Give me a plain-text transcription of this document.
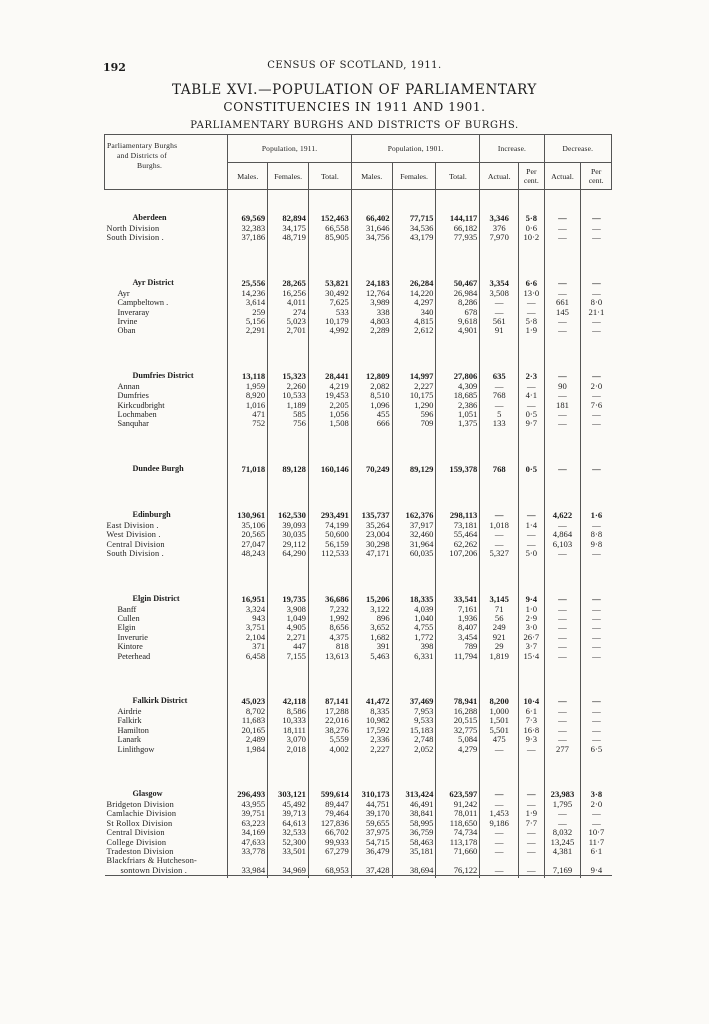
192	CENSUS OF SCOTLAND, 1911.
TABLE XVI.—POPULATION OF PARLIAMENTARY
CONSTITUENCIES IN 1911 AND 1901.
PARLIAMENTARY BURGHS AND DISTRICTS OF BURGHS.
Parliamentary Burghs
and Districts of
Burghs.	Population, 1911.			Population, 1901.			Increase.		Decrease.	
	Males.	Females.	Total.	Males.	Females.	Total.	Actual.	Per cent.	Actual.	Per cent.

Aberdeen	69,569	82,894	152,463	66,402	77,715	144,117	3,346	5·8	—	—
North Division	32,383	34,175	66,558	31,646	34,536	66,182	376	0·6	—	—
South Division .	37,186	48,719	85,905	34,756	43,179	77,935	7,970	10·2	—	—

Ayr District	25,556	28,265	53,821	24,183	26,284	50,467	3,354	6·6	—	—
Ayr	14,236	16,256	30,492	12,764	14,220	26,984	3,508	13·0	—	—
Campbeltown .	3,614	4,011	7,625	3,989	4,297	8,286	—	—	661	8·0
Inveraray	259	274	533	338	340	678	—	—	145	21·1
Irvine	5,156	5,023	10,179	4,803	4,815	9,618	561	5·8	—	—
Oban	2,291	2,701	4,992	2,289	2,612	4,901	91	1·9	—	—

Dumfries District	13,118	15,323	28,441	12,809	14,997	27,806	635	2·3	—	—
Annan	1,959	2,260	4,219	2,082	2,227	4,309	—	—	90	2·0
Dumfries	8,920	10,533	19,453	8,510	10,175	18,685	768	4·1	—	—
Kirkcudbright	1,016	1,189	2,205	1,096	1,290	2,386	—	—	181	7·6
Lochmaben	471	585	1,056	455	596	1,051	5	0·5	—	—
Sanquhar	752	756	1,508	666	709	1,375	133	9·7	—	—

Dundee Burgh	71,018	89,128	160,146	70,249	89,129	159,378	768	0·5	—	—

Edinburgh	130,961	162,530	293,491	135,737	162,376	298,113	—	—	4,622	1·6
East Division .	35,106	39,093	74,199	35,264	37,917	73,181	1,018	1·4	—	—
West Division .	20,565	30,035	50,600	23,004	32,460	55,464	—	—	4,864	8·8
Central Division	27,047	29,112	56,159	30,298	31,964	62,262	—	—	6,103	9·8
South Division .	48,243	64,290	112,533	47,171	60,035	107,206	5,327	5·0	—	—

Elgin District	16,951	19,735	36,686	15,206	18,335	33,541	3,145	9·4	—	—
Banff	3,324	3,908	7,232	3,122	4,039	7,161	71	1·0	—	—
Cullen	943	1,049	1,992	896	1,040	1,936	56	2·9	—	—
Elgin	3,751	4,905	8,656	3,652	4,755	8,407	249	3·0	—	—
Inverurie	2,104	2,271	4,375	1,682	1,772	3,454	921	26·7	—	—
Kintore	371	447	818	391	398	789	29	3·7	—	—
Peterhead	6,458	7,155	13,613	5,463	6,331	11,794	1,819	15·4	—	—

Falkirk District	45,023	42,118	87,141	41,472	37,469	78,941	8,200	10·4	—	—
Airdrie	8,702	8,586	17,288	8,335	7,953	16,288	1,000	6·1	—	—
Falkirk	11,683	10,333	22,016	10,982	9,533	20,515	1,501	7·3	—	—
Hamilton	20,165	18,111	38,276	17,592	15,183	32,775	5,501	16·8	—	—
Lanark	2,489	3,070	5,559	2,336	2,748	5,084	475	9·3	—	—
Linlithgow	1,984	2,018	4,002	2,227	2,052	4,279	—	—	277	6·5

Glasgow	296,493	303,121	599,614	310,173	313,424	623,597	—	—	23,983	3·8
Bridgeton Division	43,955	45,492	89,447	44,751	46,491	91,242	—	—	1,795	2·0
Camlachie Division	39,751	39,713	79,464	39,170	38,841	78,011	1,453	1·9	—	—
St Rollox Division	63,223	64,613	127,836	59,655	58,995	118,650	9,186	7·7	—	—
Central Division	34,169	32,533	66,702	37,975	36,759	74,734	—	—	8,032	10·7
College Division	47,633	52,300	99,933	54,715	58,463	113,178	—	—	13,245	11·7
Tradeston Division	33,778	33,501	67,279	36,479	35,181	71,660	—	—	4,381	6·1
Blackfriars & Hutcheson-										
sontown Division .	33,984	34,969	68,953	37,428	38,694	76,122	—	—	7,169	9·4
